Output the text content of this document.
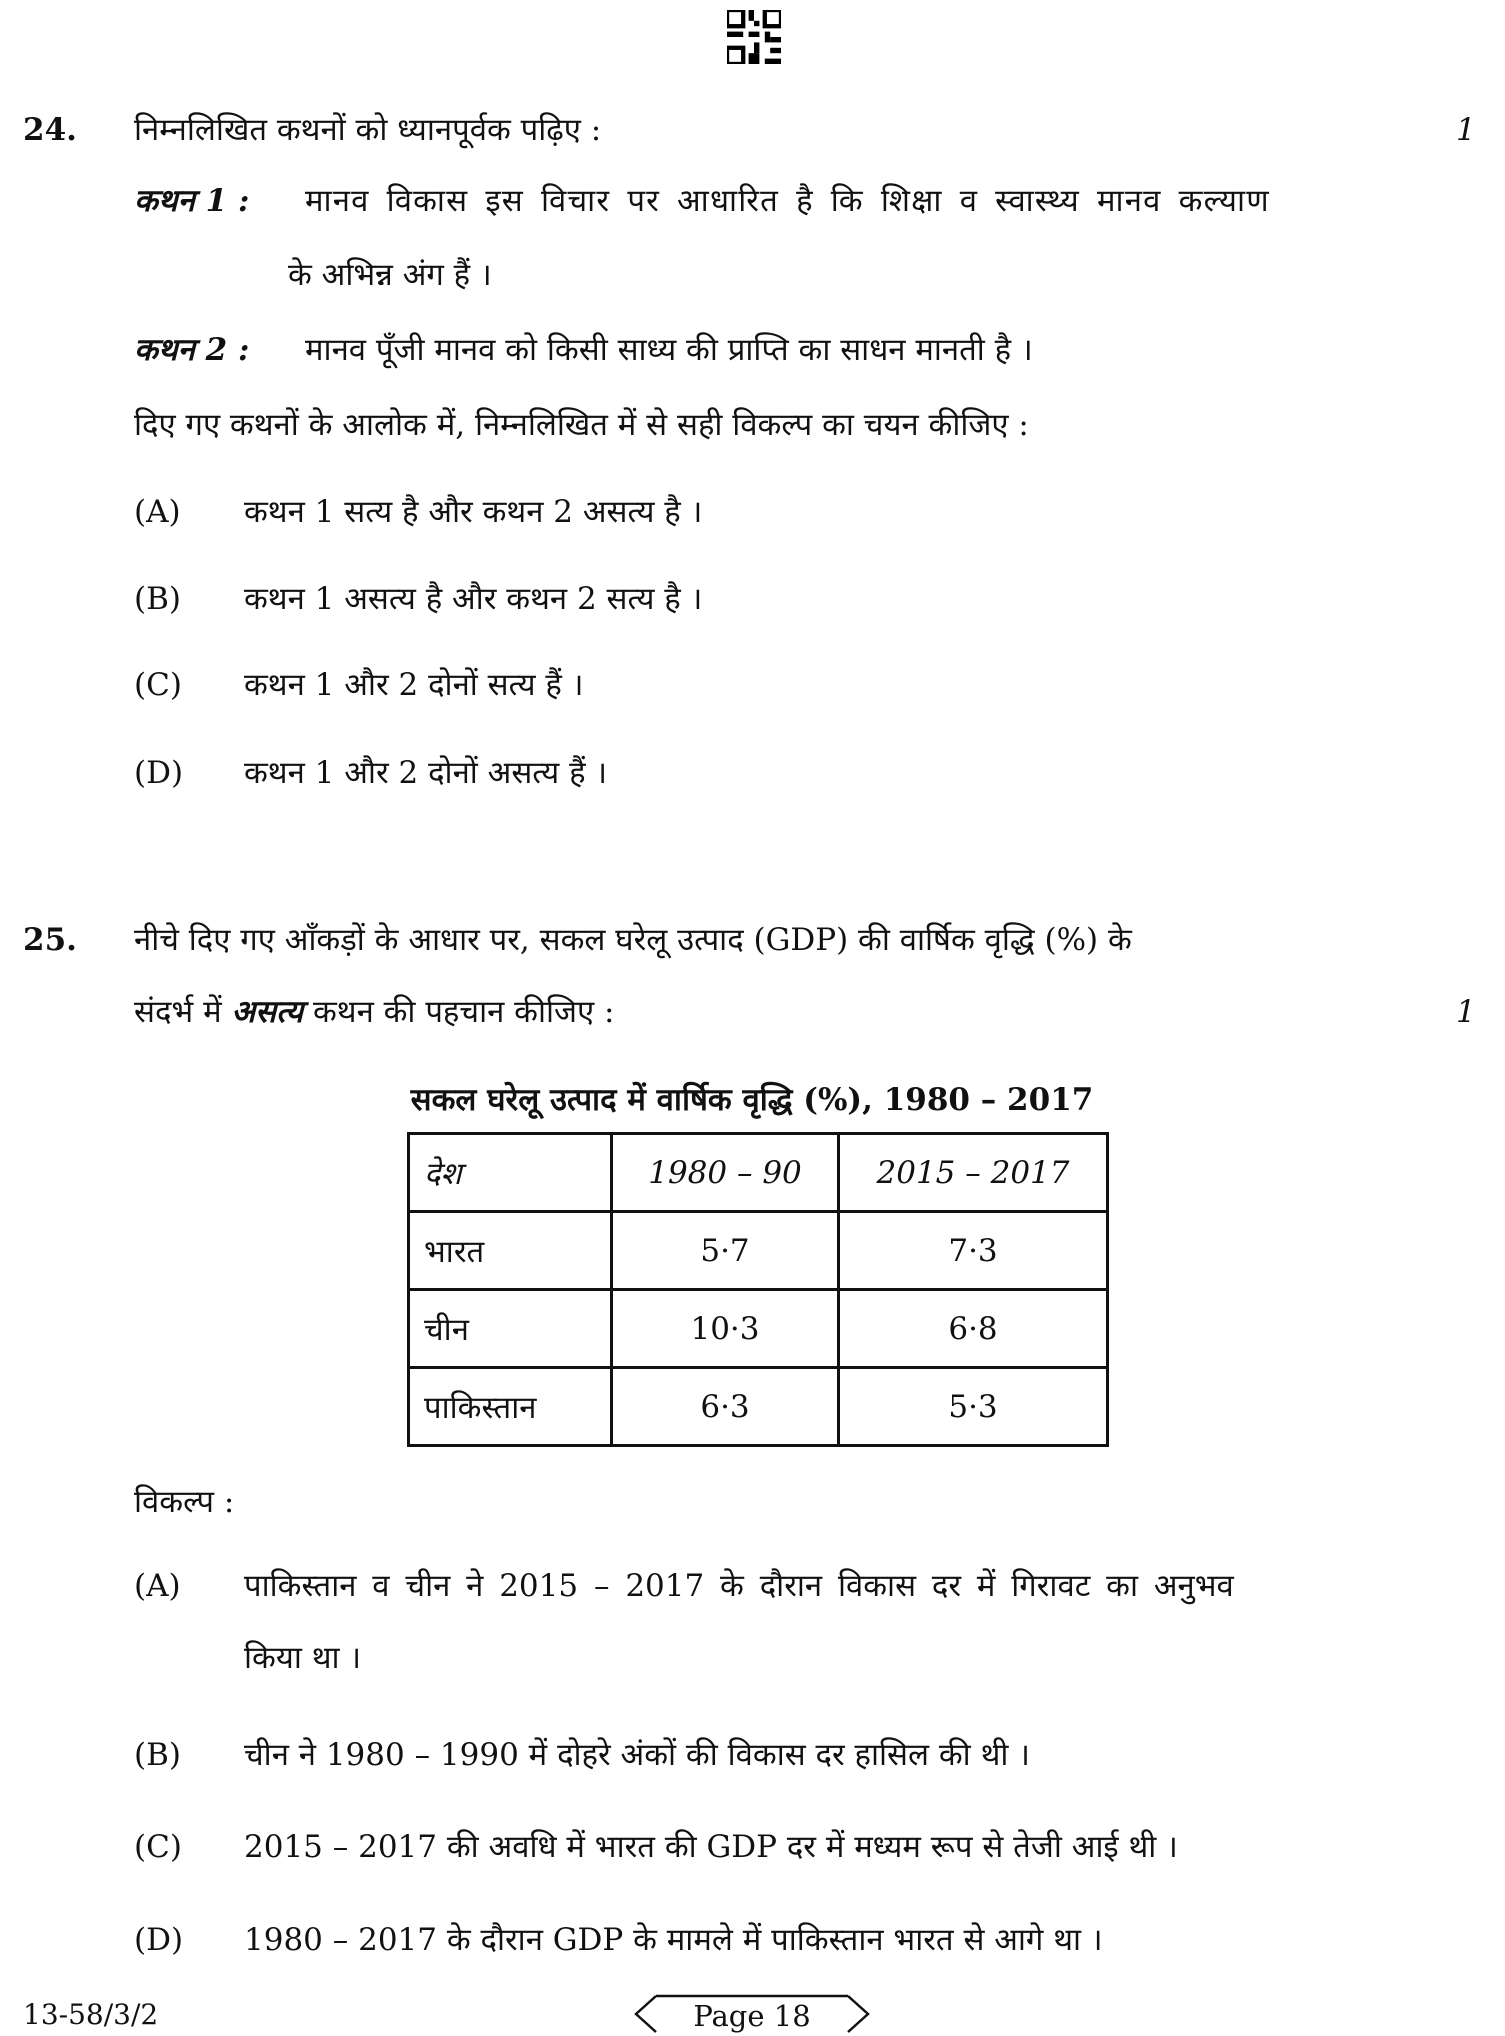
24. निम्नलिखित कथनों को ध्यानपूर्वक पढ़िए :	1
कथन 1 : मानव विकास इस विचार पर आधारित है कि शिक्षा व स्वास्थ्य मानव कल्याण
के अभिन्न अंग हैं ।
कथन 2 : मानव पूँजी मानव को किसी साध्य की प्राप्ति का साधन मानती है ।
दिए गए कथनों के आलोक में, निम्नलिखित में से सही विकल्प का चयन कीजिए :
(A) कथन 1 सत्य है और कथन 2 असत्य है ।
(B) कथन 1 असत्य है और कथन 2 सत्य है ।
(C) कथन 1 और 2 दोनों सत्य हैं ।
(D) कथन 1 और 2 दोनों असत्य हैं ।
25. नीचे दिए गए आँकड़ों के आधार पर, सकल घरेलू उत्पाद (GDP) की वार्षिक वृद्धि (%) के
संदर्भ में असत्य कथन की पहचान कीजिए :	1
सकल घरेलू उत्पाद में वार्षिक वृद्धि (%), 1980 – 2017
देश	1980 – 90	2015 – 2017
भारत	5·7	7·3
चीन	10·3	6·8
पाकिस्तान	6·3	5·3
विकल्प :
(A) पाकिस्तान व चीन ने 2015 – 2017 के दौरान विकास दर में गिरावट का अनुभव
किया था ।
(B) चीन ने 1980 – 1990 में दोहरे अंकों की विकास दर हासिल की थी ।
(C) 2015 – 2017 की अवधि में भारत की GDP दर में मध्यम रूप से तेजी आई थी ।
(D) 1980 – 2017 के दौरान GDP के मामले में पाकिस्तान भारत से आगे था ।
13-58/3/2	Page 18
